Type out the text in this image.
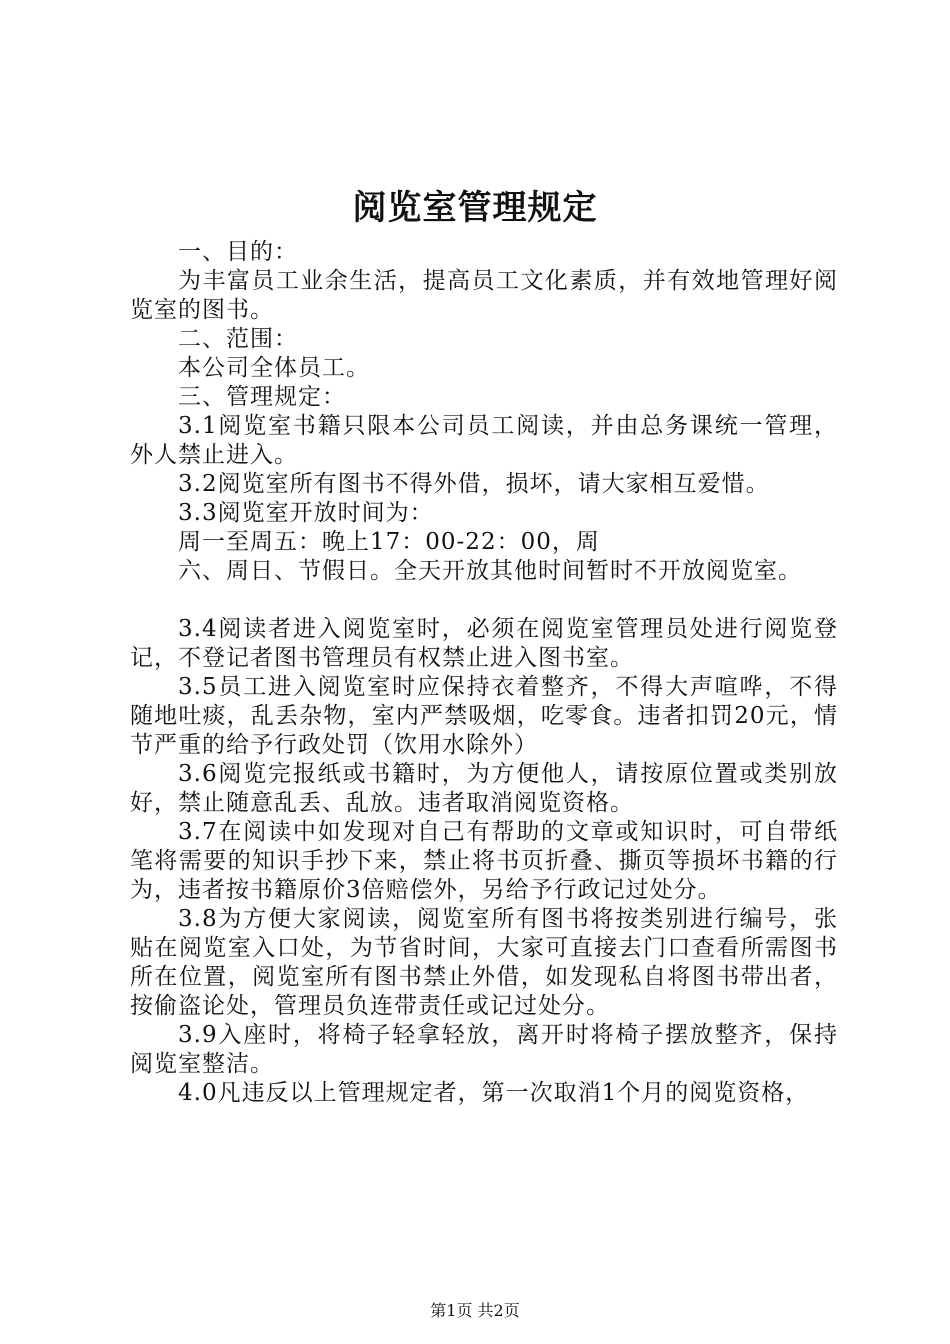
阅览室管理规定

一、目的：

为丰富员工业余生活，提高员工文化素质，并有效地管理好阅览室的图书。

二、范围：

本公司全体员工。

三、管理规定：

3.1阅览室书籍只限本公司员工阅读，并由总务课统一管理，外人禁止进入。

3.2阅览室所有图书不得外借，损坏，请大家相互爱惜。

3.3阅览室开放时间为：

周一至周五：晚上17：00-22：00，周

六、周日、节假日。全天开放其他时间暂时不开放阅览室。

3.4阅读者进入阅览室时，必须在阅览室管理员处进行阅览登记，不登记者图书管理员有权禁止进入图书室。

3.5员工进入阅览室时应保持衣着整齐，不得大声喧哗，不得随地吐痰，乱丢杂物，室内严禁吸烟，吃零食。违者扣罚20元，情节严重的给予行政处罚（饮用水除外）

3.6阅览完报纸或书籍时，为方便他人，请按原位置或类别放好，禁止随意乱丢、乱放。违者取消阅览资格。

3.7在阅读中如发现对自己有帮助的文章或知识时，可自带纸笔将需要的知识手抄下来，禁止将书页折叠、撕页等损坏书籍的行为，违者按书籍原价3倍赔偿外，另给予行政记过处分。

3.8为方便大家阅读，阅览室所有图书将按类别进行编号，张贴在阅览室入口处，为节省时间，大家可直接去门口查看所需图书所在位置，阅览室所有图书禁止外借，如发现私自将图书带出者，按偷盗论处，管理员负连带责任或记过处分。

3.9入座时，将椅子轻拿轻放，离开时将椅子摆放整齐，保持阅览室整洁。

4.0凡违反以上管理规定者，第一次取消1个月的阅览资格，

第1页 共2页
